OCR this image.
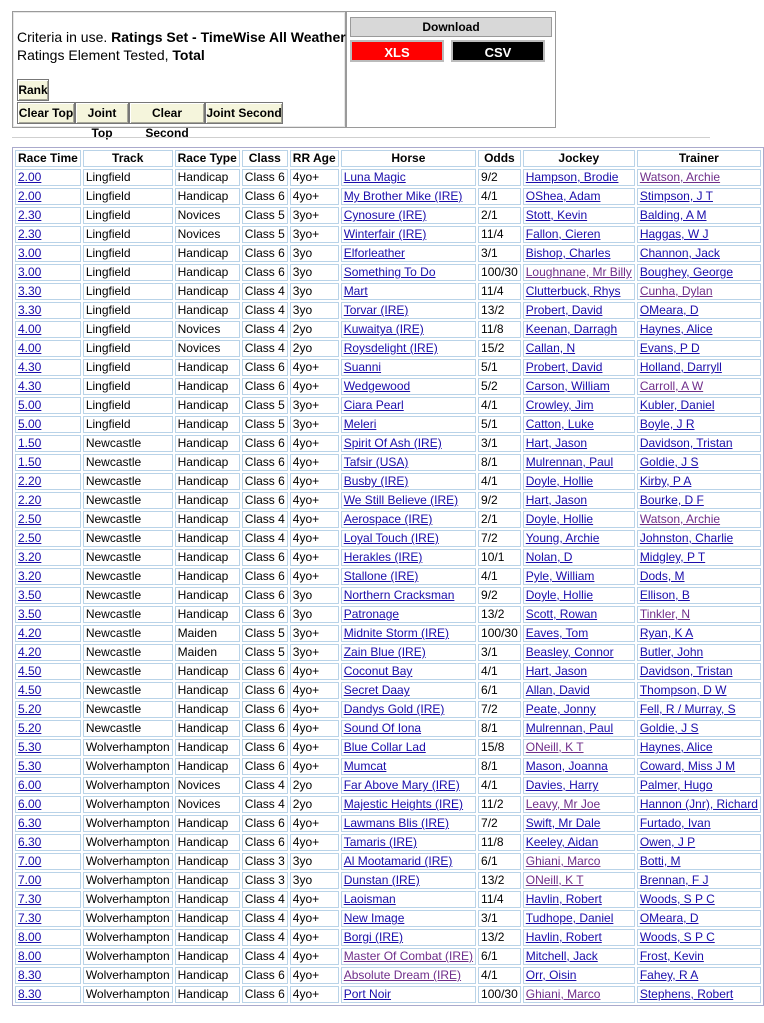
Criteria in use. Ratings Set - TimeWise All Weather
Ratings Element Tested, Total
Rank
Clear Top	Joint Top
Clear Second
Joint Second
Download
XLS	CSV
Race Time	Track	Race Type	Class	RR Age	Horse	Odds	Jockey	Trainer
2.00	Lingfield	Handicap	Class 6	4yo+	Luna Magic	9/2	Hampson, Brodie	Watson, Archie
2.00	Lingfield	Handicap	Class 6	4yo+	My Brother Mike (IRE)	4/1	OShea, Adam	Stimpson, J T
2.30	Lingfield	Novices	Class 5	3yo+	Cynosure (IRE)	2/1	Stott, Kevin	Balding, A M
2.30	Lingfield	Novices	Class 5	3yo+	Winterfair (IRE)	11/4	Fallon, Cieren	Haggas, W J
3.00	Lingfield	Handicap	Class 6	3yo	Elforleather	3/1	Bishop, Charles	Channon, Jack
3.00	Lingfield	Handicap	Class 6	3yo	Something To Do	100/30	Loughnane, Mr Billy	Boughey, George
3.30	Lingfield	Handicap	Class 4	3yo	Mart	11/4	Clutterbuck, Rhys	Cunha, Dylan
3.30	Lingfield	Handicap	Class 4	3yo	Torvar (IRE)	13/2	Probert, David	OMeara, D
4.00	Lingfield	Novices	Class 4	2yo	Kuwaitya (IRE)	11/8	Keenan, Darragh	Haynes, Alice
4.00	Lingfield	Novices	Class 4	2yo	Roysdelight (IRE)	15/2	Callan, N	Evans, P D
4.30	Lingfield	Handicap	Class 6	4yo+	Suanni	5/1	Probert, David	Holland, Darryll
4.30	Lingfield	Handicap	Class 6	4yo+	Wedgewood	5/2	Carson, William	Carroll, A W
5.00	Lingfield	Handicap	Class 5	3yo+	Ciara Pearl	4/1	Crowley, Jim	Kubler, Daniel
5.00	Lingfield	Handicap	Class 5	3yo+	Meleri	5/1	Catton, Luke	Boyle, J R
1.50	Newcastle	Handicap	Class 6	4yo+	Spirit Of Ash (IRE)	3/1	Hart, Jason	Davidson, Tristan
1.50	Newcastle	Handicap	Class 6	4yo+	Tafsir (USA)	8/1	Mulrennan, Paul	Goldie, J S
2.20	Newcastle	Handicap	Class 6	4yo+	Busby (IRE)	4/1	Doyle, Hollie	Kirby, P A
2.20	Newcastle	Handicap	Class 6	4yo+	We Still Believe (IRE)	9/2	Hart, Jason	Bourke, D F
2.50	Newcastle	Handicap	Class 4	4yo+	Aerospace (IRE)	2/1	Doyle, Hollie	Watson, Archie
2.50	Newcastle	Handicap	Class 4	4yo+	Loyal Touch (IRE)	7/2	Young, Archie	Johnston, Charlie
3.20	Newcastle	Handicap	Class 6	4yo+	Herakles (IRE)	10/1	Nolan, D	Midgley, P T
3.20	Newcastle	Handicap	Class 6	4yo+	Stallone (IRE)	4/1	Pyle, William	Dods, M
3.50	Newcastle	Handicap	Class 6	3yo	Northern Cracksman	9/2	Doyle, Hollie	Ellison, B
3.50	Newcastle	Handicap	Class 6	3yo	Patronage	13/2	Scott, Rowan	Tinkler, N
4.20	Newcastle	Maiden	Class 5	3yo+	Midnite Storm (IRE)	100/30	Eaves, Tom	Ryan, K A
4.20	Newcastle	Maiden	Class 5	3yo+	Zain Blue (IRE)	3/1	Beasley, Connor	Butler, John
4.50	Newcastle	Handicap	Class 6	4yo+	Coconut Bay	4/1	Hart, Jason	Davidson, Tristan
4.50	Newcastle	Handicap	Class 6	4yo+	Secret Daay	6/1	Allan, David	Thompson, D W
5.20	Newcastle	Handicap	Class 6	4yo+	Dandys Gold (IRE)	7/2	Peate, Jonny	Fell, R / Murray, S
5.20	Newcastle	Handicap	Class 6	4yo+	Sound Of Iona	8/1	Mulrennan, Paul	Goldie, J S
5.30	Wolverhampton	Handicap	Class 6	4yo+	Blue Collar Lad	15/8	ONeill, K T	Haynes, Alice
5.30	Wolverhampton	Handicap	Class 6	4yo+	Mumcat	8/1	Mason, Joanna	Coward, Miss J M
6.00	Wolverhampton	Novices	Class 4	2yo	Far Above Mary (IRE)	4/1	Davies, Harry	Palmer, Hugo
6.00	Wolverhampton	Novices	Class 4	2yo	Majestic Heights (IRE)	11/2	Leavy, Mr Joe	Hannon (Jnr), Richard
6.30	Wolverhampton	Handicap	Class 6	4yo+	Lawmans Blis (IRE)	7/2	Swift, Mr Dale	Furtado, Ivan
6.30	Wolverhampton	Handicap	Class 6	4yo+	Tamaris (IRE)	11/8	Keeley, Aidan	Owen, J P
7.00	Wolverhampton	Handicap	Class 3	3yo	Al Mootamarid (IRE)	6/1	Ghiani, Marco	Botti, M
7.00	Wolverhampton	Handicap	Class 3	3yo	Dunstan (IRE)	13/2	ONeill, K T	Brennan, F J
7.30	Wolverhampton	Handicap	Class 4	4yo+	Laoisman	11/4	Havlin, Robert	Woods, S P C
7.30	Wolverhampton	Handicap	Class 4	4yo+	New Image	3/1	Tudhope, Daniel	OMeara, D
8.00	Wolverhampton	Handicap	Class 4	4yo+	Borgi (IRE)	13/2	Havlin, Robert	Woods, S P C
8.00	Wolverhampton	Handicap	Class 4	4yo+	Master Of Combat (IRE)	6/1	Mitchell, Jack	Frost, Kevin
8.30	Wolverhampton	Handicap	Class 6	4yo+	Absolute Dream (IRE)	4/1	Orr, Oisin	Fahey, R A
8.30	Wolverhampton	Handicap	Class 6	4yo+	Port Noir	100/30	Ghiani, Marco	Stephens, Robert
